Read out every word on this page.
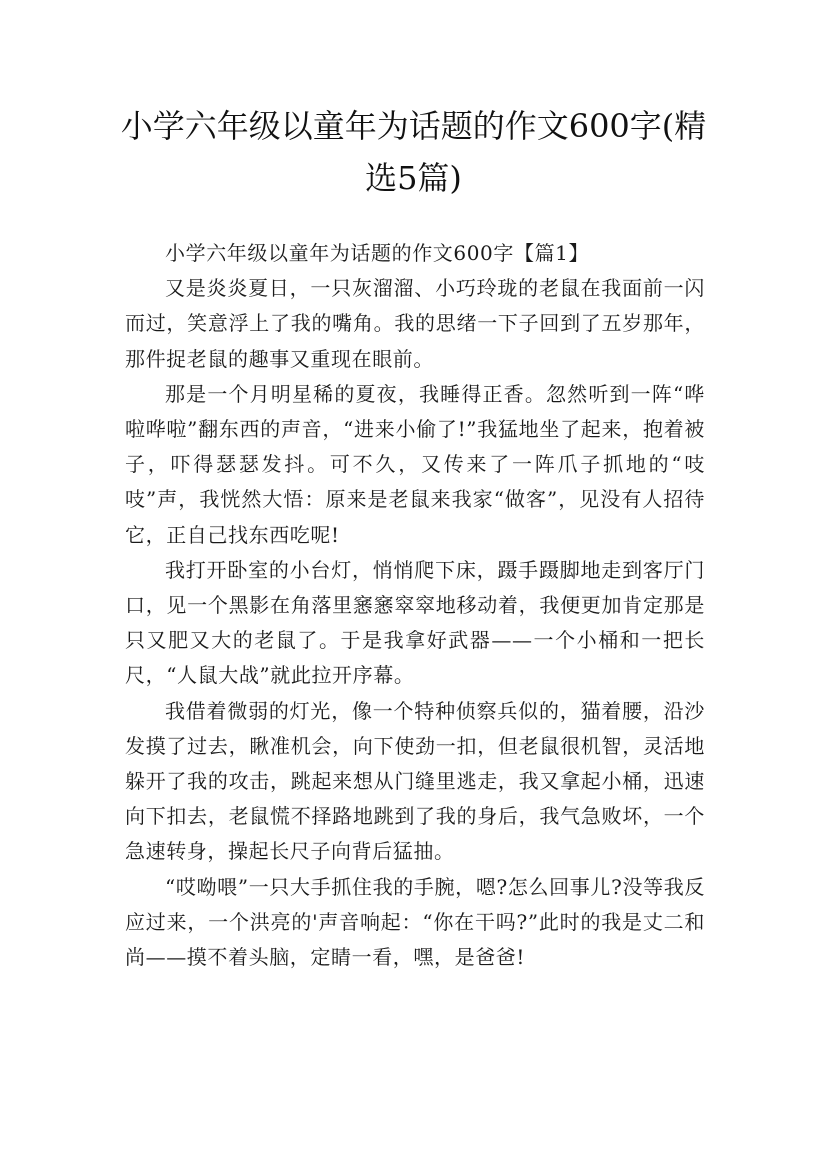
小学六年级以童年为话题的作文600字(精选5篇)

小学六年级以童年为话题的作文600字【篇1】

又是炎炎夏日，一只灰溜溜、小巧玲珑的老鼠在我面前一闪而过，笑意浮上了我的嘴角。我的思绪一下子回到了五岁那年，那件捉老鼠的趣事又重现在眼前。

那是一个月明星稀的夏夜，我睡得正香。忽然听到一阵“哗啦哗啦”翻东西的声音，“进来小偷了!”我猛地坐了起来，抱着被子，吓得瑟瑟发抖。可不久，又传来了一阵爪子抓地的“吱吱”声，我恍然大悟：原来是老鼠来我家“做客”，见没有人招待它，正自己找东西吃呢!

我打开卧室的小台灯，悄悄爬下床，蹑手蹑脚地走到客厅门口，见一个黑影在角落里窸窸窣窣地移动着，我便更加肯定那是只又肥又大的老鼠了。于是我拿好武器——一个小桶和一把长尺，“人鼠大战”就此拉开序幕。

我借着微弱的灯光，像一个特种侦察兵似的，猫着腰，沿沙发摸了过去，瞅准机会，向下使劲一扣，但老鼠很机智，灵活地躲开了我的攻击，跳起来想从门缝里逃走，我又拿起小桶，迅速向下扣去，老鼠慌不择路地跳到了我的身后，我气急败坏，一个急速转身，操起长尺子向背后猛抽。

“哎呦喂”一只大手抓住我的手腕，嗯?怎么回事儿?没等我反应过来，一个洪亮的'声音响起：“你在干吗?”此时的我是丈二和尚——摸不着头脑，定睛一看，嘿，是爸爸!
